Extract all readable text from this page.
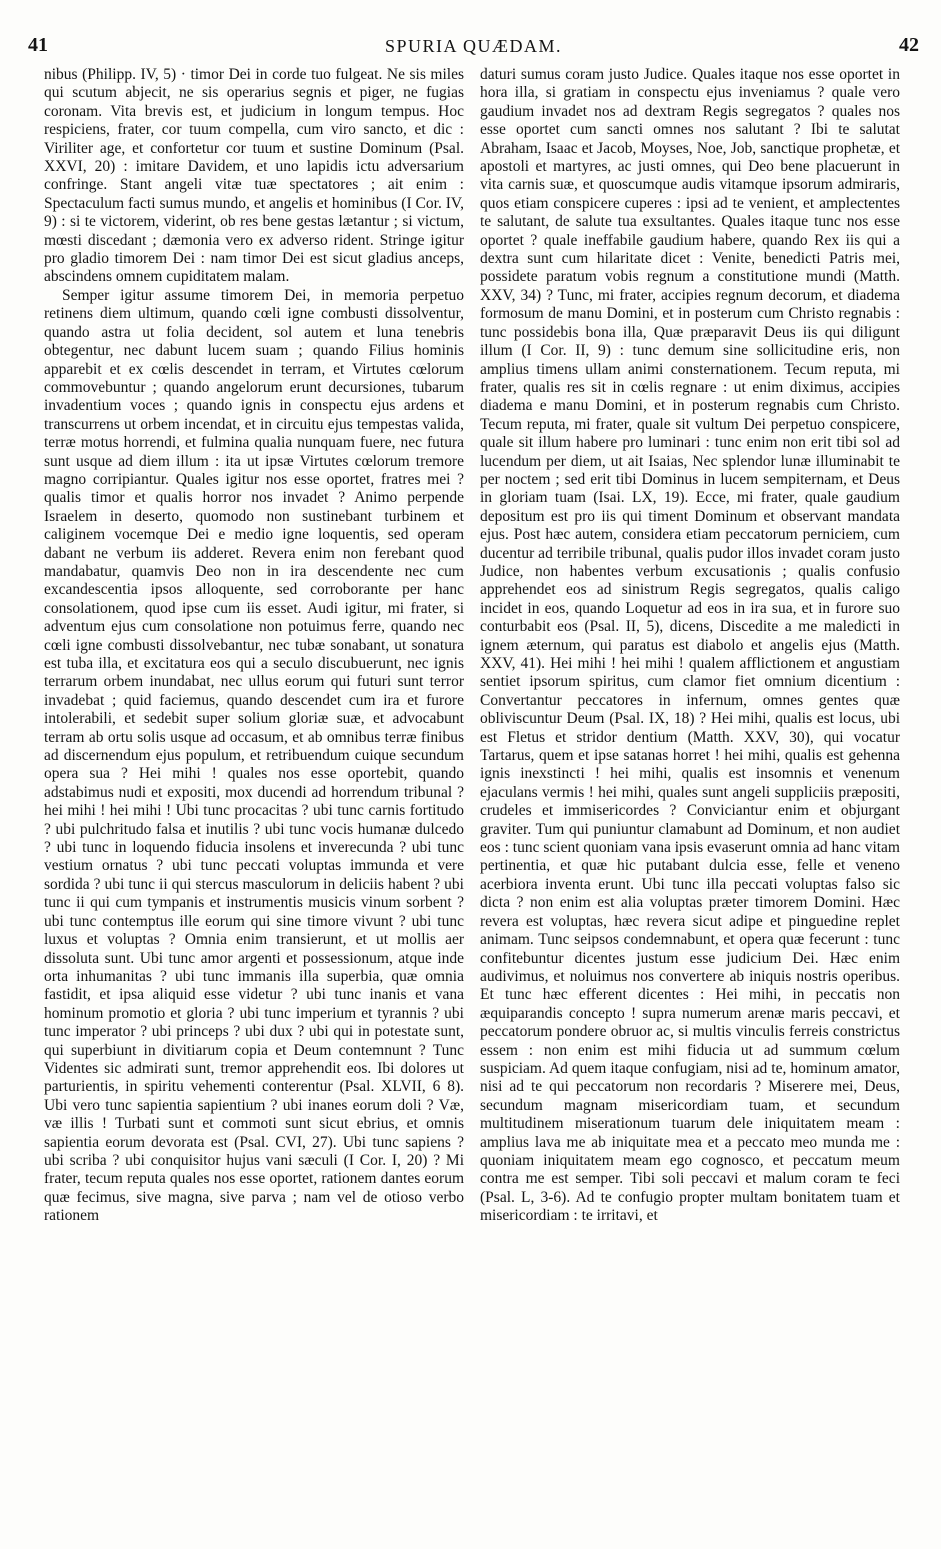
41	SPURIA QUÆDAM.	42

nibus (Philipp. IV, 5) · timor Dei in corde tuo fulgeat. Ne sis miles qui scutum abjecit, ne sis operarius segnis et piger, ne fugias coronam. Vita brevis est, et judicium in longum tempus. Hoc respiciens, frater, cor tuum compella, cum viro sancto, et dic : Viriliter age, et confortetur cor tuum et sustine Dominum (Psal. XXVI, 20) : imitare Davidem, et uno lapidis ictu adversarium confringe. Stant angeli vitæ tuæ spectatores ; ait enim : Spectaculum facti sumus mundo, et angelis et hominibus (I Cor. IV, 9) : si te victorem, viderint, ob res bene gestas lætantur ; si victum, mœsti discedant ; dæmonia vero ex adverso rident. Stringe igitur pro gladio timorem Dei : nam timor Dei est sicut gladius anceps, abscindens omnem cupiditatem malam.

Semper igitur assume timorem Dei, in memoria perpetuo retinens diem ultimum, quando cœli igne combusti dissolventur, quando astra ut folia decident, sol autem et luna tenebris obtegentur, nec dabunt lucem suam ; quando Filius hominis apparebit et ex cœlis descendet in terram, et Virtutes cœlorum commovebuntur ; quando angelorum erunt decursiones, tubarum invadentium voces ; quando ignis in conspectu ejus ardens et transcurrens ut orbem incendat, et in circuitu ejus tempestas valida, terræ motus horrendi, et fulmina qualia nunquam fuere, nec futura sunt usque ad diem illum : ita ut ipsæ Virtutes cœlorum tremore magno corripiantur. Quales igitur nos esse oportet, fratres mei ? qualis timor et qualis horror nos invadet ? Animo perpende Israelem in deserto, quomodo non sustinebant turbinem et caliginem vocemque Dei e medio igne loquentis, sed operam dabant ne verbum iis adderet. Revera enim non ferebant quod mandabatur, quamvis Deo non in ira descendente nec cum excandescentia ipsos alloquente, sed corroborante per hanc consolationem, quod ipse cum iis esset. Audi igitur, mi frater, si adventum ejus cum consolatione non potuimus ferre, quando nec cœli igne combusti dissolvebantur, nec tubæ sonabant, ut sonatura est tuba illa, et excitatura eos qui a seculo discubuerunt, nec ignis terrarum orbem inundabat, nec ullus eorum qui futuri sunt terror invadebat ; quid faciemus, quando descendet cum ira et furore intolerabili, et sedebit super solium gloriæ suæ, et advocabunt terram ab ortu solis usque ad occasum, et ab omnibus terræ finibus ad discernendum ejus populum, et retribuendum cuique secundum opera sua ? Hei mihi ! quales nos esse oportebit, quando adstabimus nudi et expositi, mox ducendi ad horrendum tribunal ? hei mihi ! hei mihi ! Ubi tunc procacitas ? ubi tunc carnis fortitudo ? ubi pulchritudo falsa et inutilis ? ubi tunc vocis humanæ dulcedo ? ubi tunc in loquendo fiducia insolens et inverecunda ? ubi tunc vestium ornatus ? ubi tunc peccati voluptas immunda et vere sordida ? ubi tunc ii qui stercus masculorum in deliciis habent ? ubi tunc ii qui cum tympanis et instrumentis musicis vinum sorbent ? ubi tunc contemptus ille eorum qui sine timore vivunt ? ubi tunc luxus et voluptas ? Omnia enim transierunt, et ut mollis aer dissoluta sunt. Ubi tunc amor argenti et possessionum, atque inde orta inhumanitas ? ubi tunc immanis illa superbia, quæ omnia fastidit, et ipsa aliquid esse videtur ? ubi tunc inanis et vana hominum promotio et gloria ? ubi tunc imperium et tyrannis ? ubi tunc imperator ? ubi princeps ? ubi dux ? ubi qui in potestate sunt, qui superbiunt in divitiarum copia et Deum contemnunt ? Tunc Videntes sic admirati sunt, tremor apprehendit eos. Ibi dolores ut parturientis, in spiritu vehementi conterentur (Psal. XLVII, 6 8). Ubi vero tunc sapientia sapientium ? ubi inanes eorum doli ? Væ, væ illis ! Turbati sunt et commoti sunt sicut ebrius, et omnis sapientia eorum devorata est (Psal. CVI, 27). Ubi tunc sapiens ? ubi scriba ? ubi conquisitor hujus vani sæculi (I Cor. I, 20) ? Mi frater, tecum reputa quales nos esse oportet, rationem dantes eorum quæ fecimus, sive magna, sive parva ; nam vel de otioso verbo rationem

daturi sumus coram justo Judice. Quales itaque nos esse oportet in hora illa, si gratiam in conspectu ejus inveniamus ? quale vero gaudium invadet nos ad dextram Regis segregatos ? quales nos esse oportet cum sancti omnes nos salutant ? Ibi te salutat Abraham, Isaac et Jacob, Moyses, Noe, Job, sanctique prophetæ, et apostoli et martyres, ac justi omnes, qui Deo bene placuerunt in vita carnis suæ, et quoscumque audis vitamque ipsorum admiraris, quos etiam conspicere cuperes : ipsi ad te venient, et amplectentes te salutant, de salute tua exsultantes. Quales itaque tunc nos esse oportet ? quale ineffabile gaudium habere, quando Rex iis qui a dextra sunt cum hilaritate dicet : Venite, benedicti Patris mei, possidete paratum vobis regnum a constitutione mundi (Matth. XXV, 34) ? Tunc, mi frater, accipies regnum decorum, et diadema formosum de manu Domini, et in posterum cum Christo regnabis : tunc possidebis bona illa, Quæ præparavit Deus iis qui diligunt illum (I Cor. II, 9) : tunc demum sine sollicitudine eris, non amplius timens ullam animi consternationem. Tecum reputa, mi frater, qualis res sit in cœlis regnare : ut enim diximus, accipies diadema e manu Domini, et in posterum regnabis cum Christo. Tecum reputa, mi frater, quale sit vultum Dei perpetuo conspicere, quale sit illum habere pro luminari : tunc enim non erit tibi sol ad lucendum per diem, ut ait Isaias, Nec splendor lunæ illuminabit te per noctem ; sed erit tibi Dominus in lucem sempiternam, et Deus in gloriam tuam (Isai. LX, 19). Ecce, mi frater, quale gaudium depositum est pro iis qui timent Dominum et observant mandata ejus. Post hæc autem, considera etiam peccatorum perniciem, cum ducentur ad terribile tribunal, qualis pudor illos invadet coram justo Judice, non habentes verbum excusationis ; qualis confusio apprehendet eos ad sinistrum Regis segregatos, qualis caligo incidet in eos, quando Loquetur ad eos in ira sua, et in furore suo conturbabit eos (Psal. II, 5), dicens, Discedite a me maledicti in ignem æternum, qui paratus est diabolo et angelis ejus (Matth. XXV, 41). Hei mihi ! hei mihi ! qualem afflictionem et angustiam sentiet ipsorum spiritus, cum clamor fiet omnium dicentium : Convertantur peccatores in infernum, omnes gentes quæ obliviscuntur Deum (Psal. IX, 18) ? Hei mihi, qualis est locus, ubi est Fletus et stridor dentium (Matth. XXV, 30), qui vocatur Tartarus, quem et ipse satanas horret ! hei mihi, qualis est gehenna ignis inexstincti ! hei mihi, qualis est insomnis et venenum ejaculans vermis ! hei mihi, quales sunt angeli suppliciis præpositi, crudeles et immisericordes ? Conviciantur enim et objurgant graviter. Tum qui puniuntur clamabunt ad Dominum, et non audiet eos : tunc scient quoniam vana ipsis evaserunt omnia ad hanc vitam pertinentia, et quæ hic putabant dulcia esse, felle et veneno acerbiora inventa erunt. Ubi tunc illa peccati voluptas falso sic dicta ? non enim est alia voluptas præter timorem Domini. Hæc revera est voluptas, hæc revera sicut adipe et pinguedine replet animam. Tunc seipsos condemnabunt, et opera quæ fecerunt : tunc confitebuntur dicentes justum esse judicium Dei. Hæc enim audivimus, et noluimus nos convertere ab iniquis nostris operibus. Et tunc hæc efferent dicentes : Hei mihi, in peccatis non æquiparandis concepto ! supra numerum arenæ maris peccavi, et peccatorum pondere obruor ac, si multis vinculis ferreis constrictus essem : non enim est mihi fiducia ut ad summum cœlum suspiciam. Ad quem itaque confugiam, nisi ad te, hominum amator, nisi ad te qui peccatorum non recordaris ? Miserere mei, Deus, secundum magnam misericordiam tuam, et secundum multitudinem miserationum tuarum dele iniquitatem meam : amplius lava me ab iniquitate mea et a peccato meo munda me : quoniam iniquitatem meam ego cognosco, et peccatum meum contra me est semper. Tibi soli peccavi et malum coram te feci (Psal. L, 3-6). Ad te confugio propter multam bonitatem tuam et misericordiam : te irritavi, et
